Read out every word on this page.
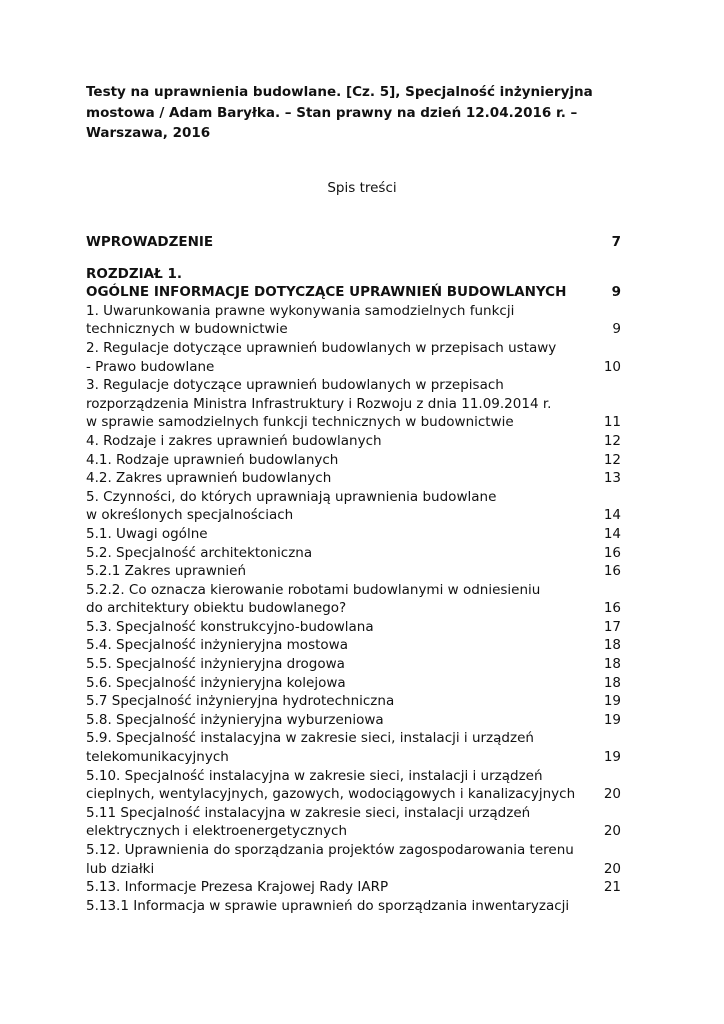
Testy na uprawnienia budowlane. [Cz. 5], Specjalność inżynieryjna
mostowa / Adam Baryłka. – Stan prawny na dzień 12.04.2016 r. –
Warszawa, 2016
Spis treści
WPROWADZENIE	7
ROZDZIAŁ 1.
OGÓLNE INFORMACJE DOTYCZĄCE UPRAWNIEŃ BUDOWLANYCH	9
1. Uwarunkowania prawne wykonywania samodzielnych funkcji
technicznych w budownictwie	9
2. Regulacje dotyczące uprawnień budowlanych w przepisach ustawy
- Prawo budowlane	10
3. Regulacje dotyczące uprawnień budowlanych w przepisach
rozporządzenia Ministra Infrastruktury i Rozwoju z dnia 11.09.2014 r.
w sprawie samodzielnych funkcji technicznych w budownictwie	11
4. Rodzaje i zakres uprawnień budowlanych	12
4.1. Rodzaje uprawnień budowlanych	12
4.2. Zakres uprawnień budowlanych	13
5. Czynności, do których uprawniają uprawnienia budowlane
w określonych specjalnościach	14
5.1. Uwagi ogólne	14
5.2. Specjalność architektoniczna	16
5.2.1 Zakres uprawnień	16
5.2.2. Co oznacza kierowanie robotami budowlanymi w odniesieniu
do architektury obiektu budowlanego?	16
5.3. Specjalność konstrukcyjno-budowlana	17
5.4. Specjalność inżynieryjna mostowa	18
5.5. Specjalność inżynieryjna drogowa	18
5.6. Specjalność inżynieryjna kolejowa	18
5.7 Specjalność inżynieryjna hydrotechniczna	19
5.8. Specjalność inżynieryjna wyburzeniowa	19
5.9. Specjalność instalacyjna w zakresie sieci, instalacji i urządzeń
telekomunikacyjnych	19
5.10. Specjalność instalacyjna w zakresie sieci, instalacji i urządzeń
cieplnych, wentylacyjnych, gazowych, wodociągowych i kanalizacyjnych	20
5.11 Specjalność instalacyjna w zakresie sieci, instalacji urządzeń
elektrycznych i elektroenergetycznych	20
5.12. Uprawnienia do sporządzania projektów zagospodarowania terenu
lub działki	20
5.13. Informacje Prezesa Krajowej Rady IARP	21
5.13.1 Informacja w sprawie uprawnień do sporządzania inwentaryzacji
